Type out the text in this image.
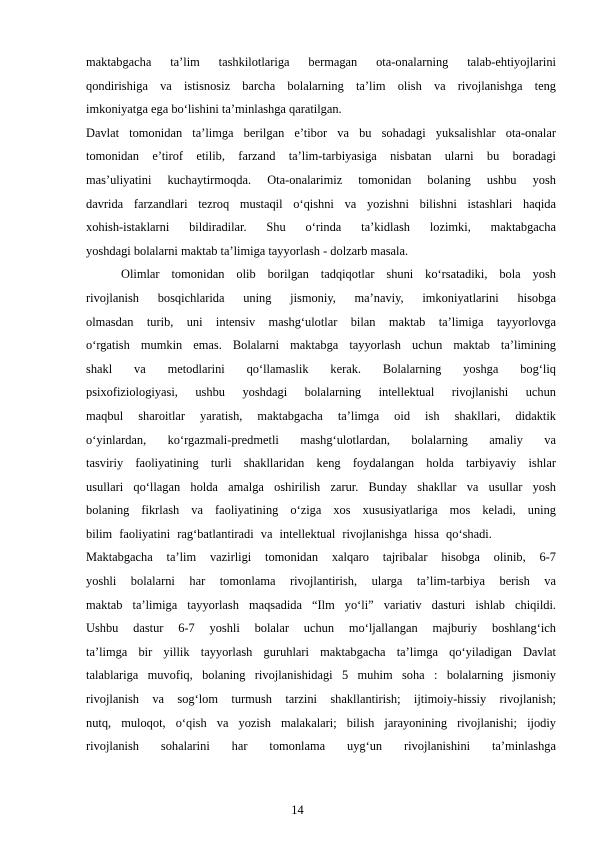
maktabgacha ta’lim tashkilotlariga bermagan ota-onalarning talab-ehtiyojlarini
qondirishiga va istisnosiz barcha bolalarning ta’lim olish va rivojlanishga teng
imkoniyatga ega bo‘lishini ta’minlashga qaratilgan.
Davlat tomonidan ta’limga berilgan e’tibor va bu sohadagi yuksalishlar ota-onalar
tomonidan e’tirof etilib, farzand ta’lim-tarbiyasiga nisbatan ularni bu boradagi
mas’uliyatini kuchaytirmoqda. Ota-onalarimiz tomonidan bolaning ushbu yosh
davrida farzandlari tezroq mustaqil o‘qishni va yozishni bilishni istashlari haqida
xohish-istaklarni bildiradilar. Shu o‘rinda ta’kidlash lozimki, maktabgacha
yoshdagi bolalarni maktab ta’limiga tayyorlash - dolzarb masala.
Olimlar tomonidan olib borilgan tadqiqotlar shuni ko‘rsatadiki, bola yosh
rivojlanish bosqichlarida uning jismoniy, ma’naviy, imkoniyatlarini hisobga
olmasdan turib, uni intensiv mashg‘ulotlar bilan maktab ta’limiga tayyorlovga
o‘rgatish mumkin emas. Bolalarni maktabga tayyorlash uchun maktab ta’limining
shakl va metodlarini qo‘llamaslik kerak. Bolalarning yoshga bog‘liq
psixofiziologiyasi, ushbu yoshdagi bolalarning intellektual rivojlanishi uchun
maqbul sharoitlar yaratish, maktabgacha ta’limga oid ish shakllari, didaktik
o‘yinlardan, ko‘rgazmali-predmetli mashg‘ulotlardan, bolalarning amaliy va
tasviriy faoliyatining turli shakllaridan keng foydalangan holda tarbiyaviy ishlar
usullari qo‘llagan holda amalga oshirilish zarur. Bunday shakllar va usullar yosh
bolaning fikrlash va faoliyatining o‘ziga xos xususiyatlariga mos keladi, uning
bilim faoliyatini rag‘batlantiradi va intellektual rivojlanishga hissa qo‘shadi.
Maktabgacha ta’lim vazirligi tomonidan xalqaro tajribalar hisobga olinib, 6-7
yoshli bolalarni har tomonlama rivojlantirish, ularga ta’lim-tarbiya berish va
maktab ta’limiga tayyorlash maqsadida “Ilm yo‘li” variativ dasturi ishlab chiqildi.
Ushbu dastur 6-7 yoshli bolalar uchun mo‘ljallangan majburiy boshlang‘ich
ta’limga bir yillik tayyorlash guruhlari maktabgacha ta’limga qo‘yiladigan Davlat
talablariga muvofiq, bolaning rivojlanishidagi 5 muhim soha : bolalarning jismoniy
rivojlanish va sog‘lom turmush tarzini shakllantirish; ijtimoiy-hissiy rivojlanish;
nutq, muloqot, o‘qish va yozish malakalari; bilish jarayonining rivojlanishi; ijodiy
rivojlanish sohalarini har tomonlama uyg‘un rivojlanishini ta’minlashga
14
